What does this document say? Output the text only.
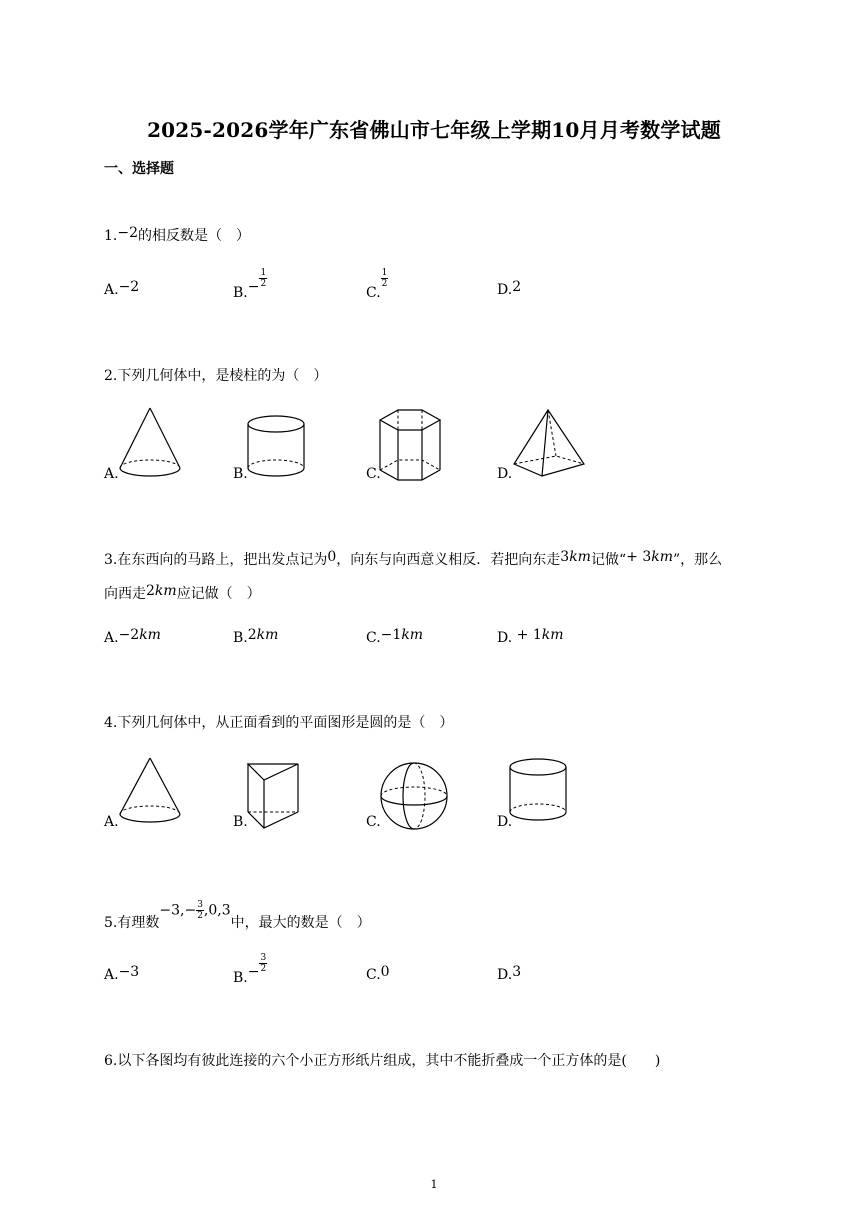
2025-2026学年广东省佛山市七年级上学期10月月考数学试题
一、选择题
1.−2的相反数是（　）
A.−2	$B.- \frac{1}{2}$
C.
$\frac{1}{2}$
D.2
2.下列几何体中，是棱柱的为（　）
A.	B.	C.	D.
3.在东西向的马路上，把出发点记为0，向东与向西意义相反．若把向东走3km记做“+ 3km”，那么
向西走2km应记做（　）
A.−2km	B.2km	C.−1km	D. + 1km
4.下列几何体中，从正面看到的平面图形是圆的是（　）
A.	B.	C.	D.
5.有理数$-3,- \frac{3}{2} ,0,3$中，最大的数是（　）
A.−3	$B.- \frac{3}{2}$
C.0	D.3
6.以下各图均有彼此连接的六个小正方形纸片组成，其中不能折叠成一个正方体的是(　　)
1
